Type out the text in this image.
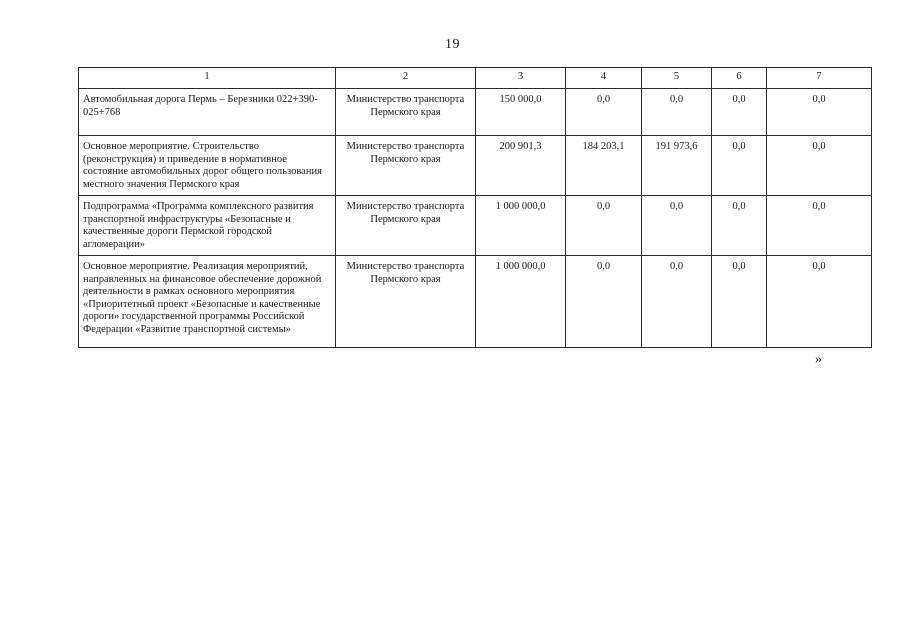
19
1	2	3	4	5	6	7
Автомобильная дорога Пермь – Березники 022+390-025+768	Министерство транспорта Пермского края	150 000,0	0,0	0,0	0,0	0,0
Основное мероприятие. Строительство (реконструкция) и приведение в нормативное состояние автомобильных дорог общего пользования местного значения Пермского края	Министерство транспорта Пермского края	200 901,3	184 203,1	191 973,6	0,0	0,0
Подпрограмма «Программа комплексного развития транспортной инфраструктуры «Безопасные и качественные дороги Пермской городской агломерации»	Министерство транспорта Пермского края	1 000 000,0	0,0	0,0	0,0	0,0
Основное мероприятие. Реализация мероприятий, направленных на финансовое обеспечение дорожной деятельности в рамках основного мероприятия «Приоритетный проект «Безопасные и качественные дороги» государственной программы Российской Федерации «Развитие транспортной системы»	Министерство транспорта Пермского края	1 000 000,0	0,0	0,0	0,0	0,0
»
